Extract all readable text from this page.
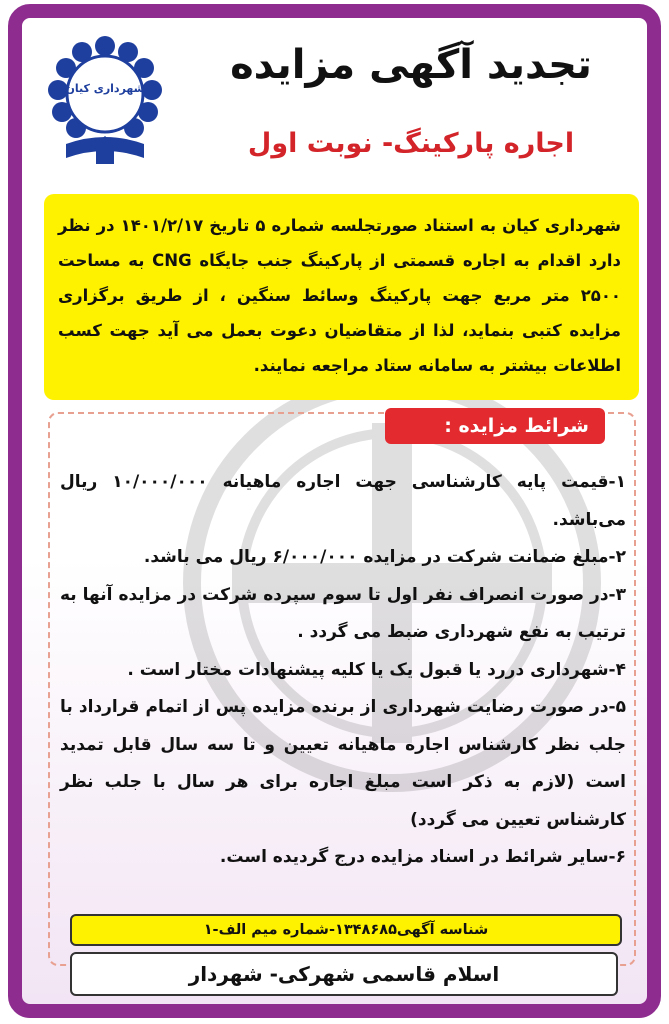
شهرداری کیان
تجدید آگهی مزایده
اجاره پارکینگ- نوبت اول
شهرداری کیان به استناد صورتجلسه شماره ۵ تاریخ ۱۴۰۱/۲/۱۷ در نظر دارد اقدام به اجاره قسمتی از پارکینگ جنب جایگاه CNG به مساحت ۲۵۰۰ متر مربع جهت پارکینگ وسائط سنگین ، از طریق برگزاری مزایده کتبی بنماید، لذا از متقاضیان دعوت بعمل می آید جهت کسب اطلاعات بیشتر به سامانه ستاد مراجعه نمایند.
شرائط مزایده :

۱-قیمت پایه کارشناسی جهت اجاره ماهیانه ۱۰/۰۰۰/۰۰۰ ریال می‌باشد.

۲-مبلغ ضمانت شرکت در مزایده ۶/۰۰۰/۰۰۰ ریال می باشد.

۳-در صورت انصراف نفر اول تا سوم سپرده شرکت در مزایده آنها به ترتیب به نفع شهرداری ضبط می گردد .

۴-شهرداری دررد یا قبول یک یا کلیه پیشنهادات مختار است .

۵-در صورت رضایت شهرداری از برنده مزایده پس از اتمام قرارداد با جلب نظر کارشناس اجاره ماهیانه تعیین و تا سه سال قابل تمدید است (لازم به ذکر است مبلغ اجاره برای هر سال با جلب نظر کارشناس تعیین می گردد)

۶-سایر شرائط در اسناد مزایده درج گردیده است.

شناسه آگهی۱۳۴۸۶۸۵-شماره میم الف-۱
اسلام قاسمی شهرکی- شهردار
